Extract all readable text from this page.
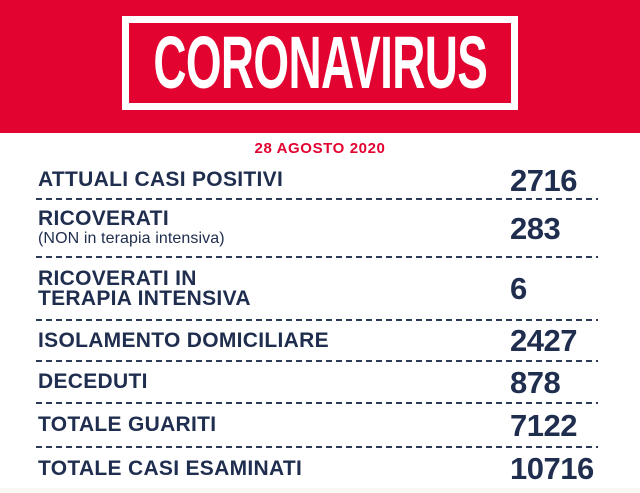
CORONAVIRUS
28 AGOSTO 2020
ATTUALI CASI POSITIVI	2716
RICOVERATI
(NON in terapia intensiva)	283
RICOVERATI IN
TERAPIA INTENSIVA	6
ISOLAMENTO DOMICILIARE	2427
DECEDUTI	878
TOTALE GUARITI	7122
TOTALE CASI ESAMINATI	10716
